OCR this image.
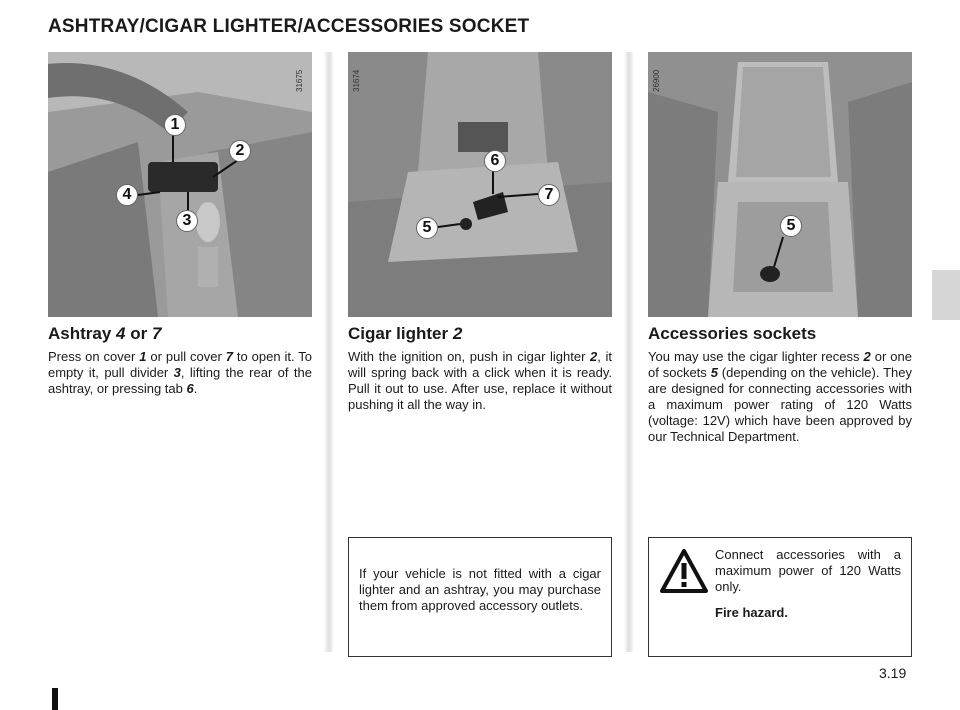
ASHTRAY/CIGAR LIGHTER/ACCESSORIES SOCKET
31675
1
2
4
3
31674
6
7
5
26900
5
Ashtray 4 or 7

Press on cover 1 or pull cover 7 to open it. To empty it, pull divider 3, lifting the rear of the ashtray, or pressing tab 6.

Cigar lighter 2

With the ignition on, push in cigar lighter 2, it will spring back with a click when it is ready. Pull it out to use. After use, replace it without pushing it all the way in.

If your vehicle is not fitted with a cigar lighter and an ashtray, you may purchase them from approved accessory outlets.

Accessories sockets

You may use the cigar lighter recess 2 or one of sockets 5 (depending on the vehicle). They are designed for connecting accessories with a maximum power rating of 120 Watts (voltage: 12V) which have been approved by our Technical Department.

Connect accessories with a maximum power of 120 Watts only.

Fire hazard.

3.19
